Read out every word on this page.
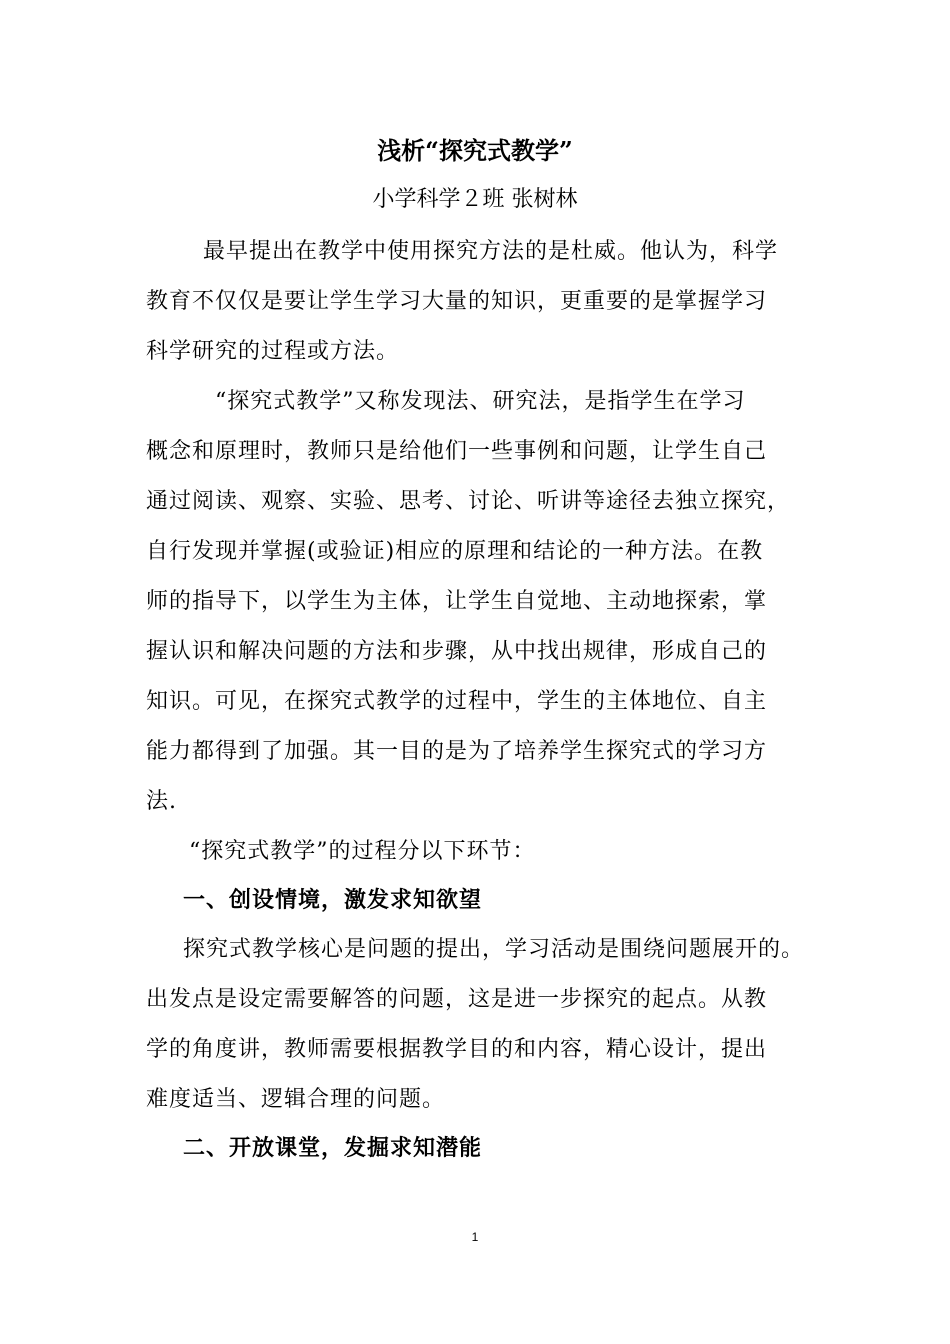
浅析“探究式教学”
小学科学２班 张树林
最早提出在教学中使用探究方法的是杜威。他认为，科学
教育不仅仅是要让学生学习大量的知识，更重要的是掌握学习
科学研究的过程或方法。
“探究式教学”又称发现法、研究法，是指学生在学习
概念和原理时，教师只是给他们一些事例和问题，让学生自己
通过阅读、观察、实验、思考、讨论、听讲等途径去独立探究，
自行发现并掌握(或验证)相应的原理和结论的一种方法。在教
师的指导下，以学生为主体，让学生自觉地、主动地探索，掌
握认识和解决问题的方法和步骤，从中找出规律，形成自己的
知识。可见，在探究式教学的过程中，学生的主体地位、自主
能力都得到了加强。其一目的是为了培养学生探究式的学习方
法.
“探究式教学”的过程分以下环节：
一、创设情境，激发求知欲望
探究式教学核心是问题的提出，学习活动是围绕问题展开的。
出发点是设定需要解答的问题，这是进一步探究的起点。从教
学的角度讲，教师需要根据教学目的和内容，精心设计，提出
难度适当、逻辑合理的问题。
二、开放课堂，发掘求知潜能
1
